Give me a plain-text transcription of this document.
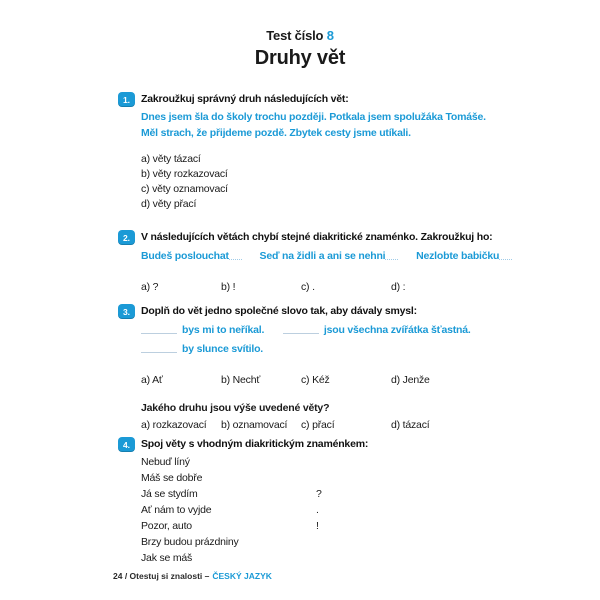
Test číslo 8
Druhy vět
1.	Zakroužkuj správný druh následujících vět:
Dnes jsem šla do školy trochu později. Potkala jsem spolužáka Tomáše.
Měl strach, že přijdeme pozdě. Zbytek cesty jsme utíkali.
a) věty tázací
b) věty rozkazovací
c) věty oznamovací
d) věty přací
2.	V následujících větách chybí stejné diakritické znaménko. Zakroužkuj ho:
Budeš poslouchat	Seď na židli a ani se nehni	Nezlobte babičku
a) ?	b) !	c) .	d) :
3.	Doplň do vět jedno společné slovo tak, aby dávaly smysl:
bys mi to neříkal.	jsou všechna zvířátka šťastná.
by slunce svítilo.
a) Ať	b) Nechť	c) Kéž	d) Jenže
Jakého druhu jsou výše uvedené věty?
a) rozkazovací	b) oznamovací	c) přací	d) tázací
4.	Spoj věty s vhodným diakritickým znaménkem:
Nebuď líný
Máš se dobře
Já se stydím	?
Ať nám to vyjde	.
Pozor, auto	!
Brzy budou prázdniny
Jak se máš
24 / Otestuj si znalosti – ČESKÝ JAZYK
